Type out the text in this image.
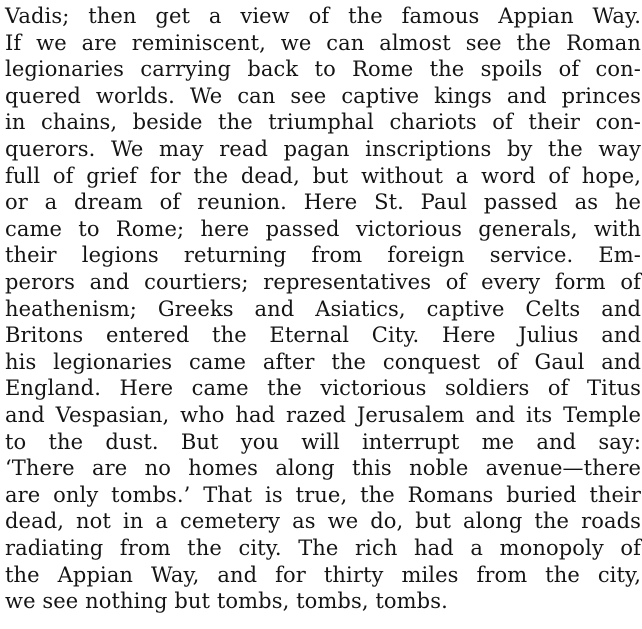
Vadis; then get a view of the famous Appian Way.
If we are reminiscent, we can almost see the Roman
legionaries carrying back to Rome the spoils of con-
quered worlds. We can see captive kings and princes
in chains, beside the triumphal chariots of their con-
querors. We may read pagan inscriptions by the way
full of grief for the dead, but without a word of hope,
or a dream of reunion. Here St. Paul passed as he
came to Rome; here passed victorious generals, with
their legions returning from foreign service. Em-
perors and courtiers; representatives of every form of
heathenism; Greeks and Asiatics, captive Celts and
Britons entered the Eternal City. Here Julius and
his legionaries came after the conquest of Gaul and
England. Here came the victorious soldiers of Titus
and Vespasian, who had razed Jerusalem and its Temple
to the dust. But you will interrupt me and say:
‘There are no homes along this noble avenue—there
are only tombs.’ That is true, the Romans buried their
dead, not in a cemetery as we do, but along the roads
radiating from the city. The rich had a monopoly of
the Appian Way, and for thirty miles from the city,
we see nothing but tombs, tombs, tombs.
